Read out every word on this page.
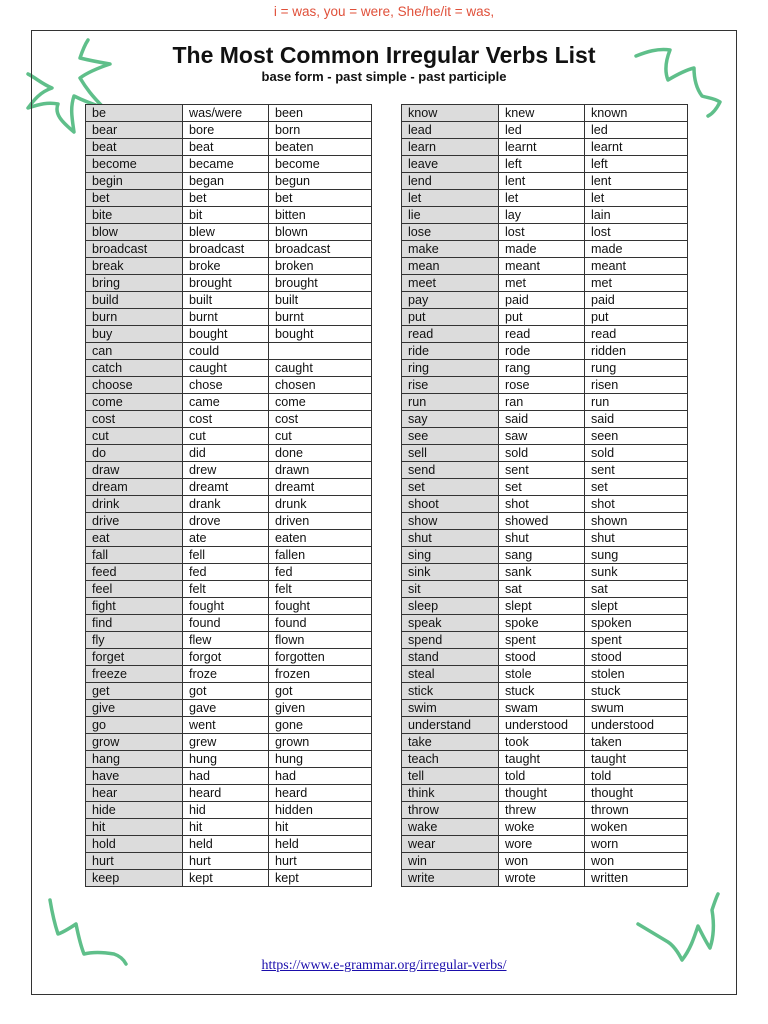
i = was, you = were, She/he/it = was,
The Most Common Irregular Verbs List
base form - past simple - past participle
be	was/were	been
bear	bore	born
beat	beat	beaten
become	became	become
begin	began	begun
bet	bet	bet
bite	bit	bitten
blow	blew	blown
broadcast	broadcast	broadcast
break	broke	broken
bring	brought	brought
build	built	built
burn	burnt	burnt
buy	bought	bought
can	could	
catch	caught	caught
choose	chose	chosen
come	came	come
cost	cost	cost
cut	cut	cut
do	did	done
draw	drew	drawn
dream	dreamt	dreamt
drink	drank	drunk
drive	drove	driven
eat	ate	eaten
fall	fell	fallen
feed	fed	fed
feel	felt	felt
fight	fought	fought
find	found	found
fly	flew	flown
forget	forgot	forgotten
freeze	froze	frozen
get	got	got
give	gave	given
go	went	gone
grow	grew	grown
hang	hung	hung
have	had	had
hear	heard	heard
hide	hid	hidden
hit	hit	hit
hold	held	held
hurt	hurt	hurt
keep	kept	kept
know	knew	known
lead	led	led
learn	learnt	learnt
leave	left	left
lend	lent	lent
let	let	let
lie	lay	lain
lose	lost	lost
make	made	made
mean	meant	meant
meet	met	met
pay	paid	paid
put	put	put
read	read	read
ride	rode	ridden
ring	rang	rung
rise	rose	risen
run	ran	run
say	said	said
see	saw	seen
sell	sold	sold
send	sent	sent
set	set	set
shoot	shot	shot
show	showed	shown
shut	shut	shut
sing	sang	sung
sink	sank	sunk
sit	sat	sat
sleep	slept	slept
speak	spoke	spoken
spend	spent	spent
stand	stood	stood
steal	stole	stolen
stick	stuck	stuck
swim	swam	swum
understand	understood	understood
take	took	taken
teach	taught	taught
tell	told	told
think	thought	thought
throw	threw	thrown
wake	woke	woken
wear	wore	worn
win	won	won
write	wrote	written
https://www.e-grammar.org/irregular-verbs/
